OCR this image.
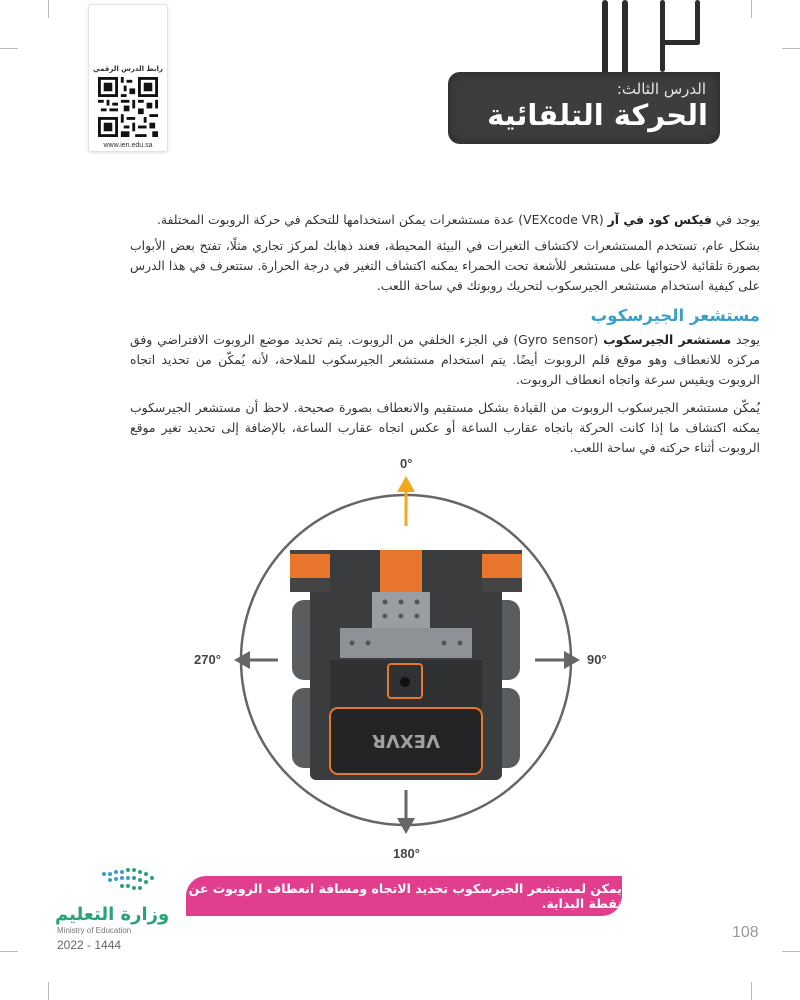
رابط الدرس الرقمي
www.ien.edu.sa
الدرس الثالث:
الحركة التلقائية
يوجد في فيكس كود في آر (VEXcode VR) عدة مستشعرات يمكن استخدامها للتحكم في حركة الروبوت المختلفة.
بشكل عام، تستخدم المستشعرات لاكتشاف التغيرات في البيئة المحيطة، فعند ذهابك لمركز تجاري مثلًا، تفتح بعض الأبواب بصورة تلقائية لاحتوائها على مستشعر للأشعة تحت الحمراء يمكنه اكتشاف التغير في درجة الحرارة. ستتعرف في هذا الدرس على كيفية استخدام مستشعر الجيرسكوب لتحريك روبوتك في ساحة اللعب.
مستشعر الجيرسكوب
يوجد مستشعر الجيرسكوب (Gyro sensor) في الجزء الخلفي من الروبوت. يتم تحديد موضع الروبوت الافتراضي وفق مركزه للانعطاف وهو موقع قلم الروبوت أيضًا. يتم استخدام مستشعر الجيرسكوب للملاحة، لأنه يُمكّن من تحديد اتجاه الروبوت ويقيس سرعة واتجاه انعطاف الروبوت.
يُمكّن مستشعر الجيرسكوب الروبوت من القيادة بشكل مستقيم والانعطاف بصورة صحيحة. لاحظ أن مستشعر الجيرسكوب يمكنه اكتشاف ما إذا كانت الحركة باتجاه عقارب الساعة أو عكس اتجاه عقارب الساعة، بالإضافة إلى تحديد تغير موقع الروبوت أثناء حركته في ساحة اللعب.
VEXVR
0°
90°
180°
270°
وزارة التعليم
Ministry of Education
2022 - 1444
يمكن لمستشعر الجيرسكوب تحديد الاتجاه ومسافة انعطاف الروبوت عن نقطة البداية.
108
